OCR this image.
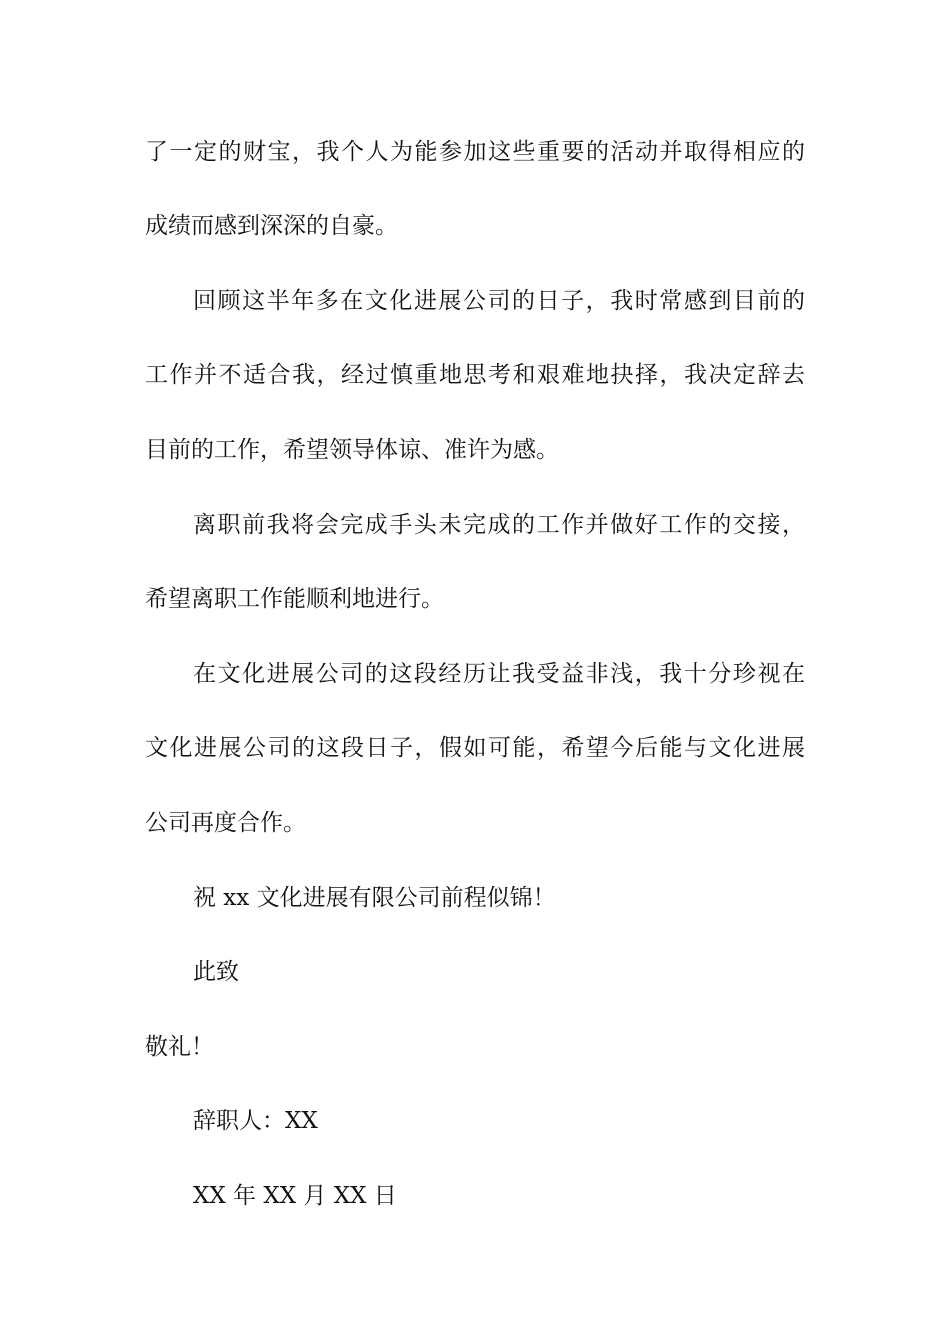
了一定的财宝，我个人为能参加这些重要的活动并取得相应的
成绩而感到深深的自豪。
回顾这半年多在文化进展公司的日子，我时常感到目前的
工作并不适合我，经过慎重地思考和艰难地抉择，我决定辞去
目前的工作，希望领导体谅、准许为感。
离职前我将会完成手头未完成的工作并做好工作的交接，
希望离职工作能顺利地进行。
在文化进展公司的这段经历让我受益非浅，我十分珍视在
文化进展公司的这段日子，假如可能，希望今后能与文化进展
公司再度合作。
祝 xx 文化进展有限公司前程似锦！
此致
敬礼！
辞职人：XX
XX 年 XX 月 XX 日
